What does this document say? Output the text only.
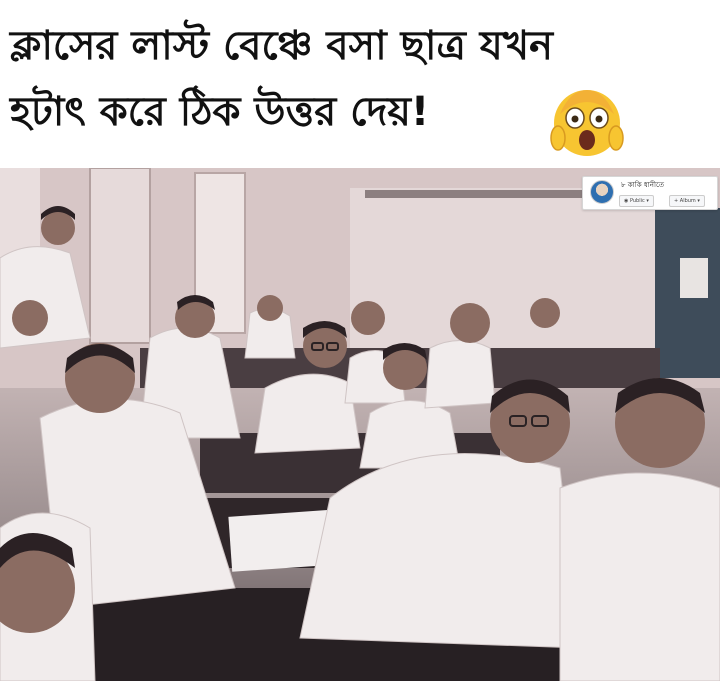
ক্লাসের লাস্ট বেঞ্চে বসা ছাত্র যখন
হটাৎ করে ঠিক উত্তর দেয়!
৮ কাকি ধানীতে
◉ Public ▾	+ Album ▾
